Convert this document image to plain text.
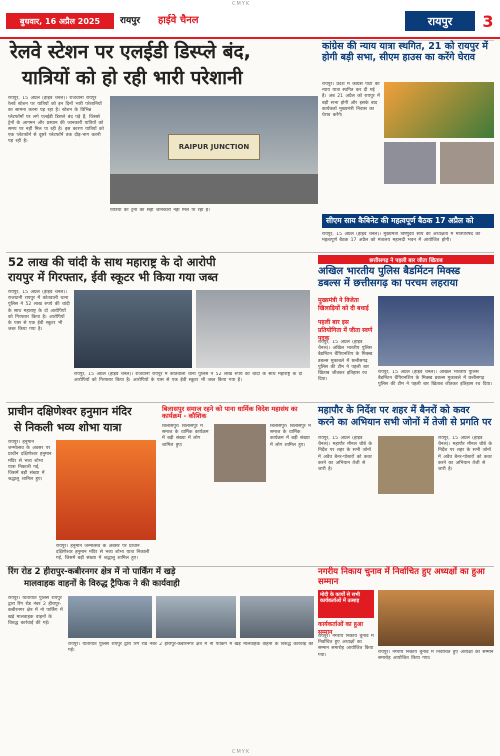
CMYK
बुधवार, 16 अप्रैल 2025	रायपुर हाईवे चैनल	रायपुर	3
रेलवे स्टेशन पर एलईडी डिस्प्ले बंद,
यात्रियों को हो रही भारी परेशानी
रायपुर, 15 अप्रैल (हाईवे चैनल)। राजधानी रायपुर रेलवे स्टेशन पर यात्रियों को इन दिनों भारी परेशानियों का सामना करना पड़ रहा है। स्टेशन के विभिन्न प्लेटफॉर्मों पर लगे एलईडी डिस्प्ले बंद पड़े हैं, जिससे ट्रेनों के आगमन और प्रस्थान की जानकारी यात्रियों को समय पर नहीं मिल पा रही है। इस कारण यात्रियों को एक प्लेटफॉर्म से दूसरे प्लेटफॉर्म तक दौड़-भाग करनी पड़ रही है।
RAIPUR JUNCTION
यात्रियों को ट्रेनों की सही जानकारी नहीं मिल पा रही है।
कांग्रेस की न्याय यात्रा स्थगित, 21 को रायपुर में होगी बड़ी सभा, सीएम हाउस का करेंगे घेराव
रायपुर। प्रदेश में कांग्रेस पार्टी की न्याय यात्रा स्थगित कर दी गई है। अब 21 अप्रैल को रायपुर में बड़ी सभा होगी और इसके बाद कार्यकर्ता मुख्यमंत्री निवास का घेराव करेंगे।
सीएम साय कैबिनेट की महत्वपूर्ण बैठक 17 अप्रैल को
रायपुर, 15 अप्रैल (हाईवे चैनल)। मुख्यमंत्री विष्णुदेव साय की अध्यक्षता में मंत्रिपरिषद की महत्वपूर्ण बैठक 17 अप्रैल को मंत्रालय महानदी भवन में आयोजित होगी।
52 लाख की चांदी के साथ महाराष्ट्र के दो आरोपी
रायपुर में गिरफ्तार, ईवी स्कूटर भी किया गया जब्त
रायपुर, 15 अप्रैल (हाईवे चैनल)। राजधानी रायपुर में कोतवाली थाना पुलिस ने 52 लाख रुपये की चांदी के साथ महाराष्ट्र के दो आरोपियों को गिरफ्तार किया है। आरोपियों के पास से एक ईवी स्कूटर भी जब्त किया गया है।
रायपुर, 15 अप्रैल (हाईवे चैनल)। राजधानी रायपुर में कोतवाली थाना पुलिस ने 52 लाख रुपये की चांदी के साथ महाराष्ट्र के दो आरोपियों को गिरफ्तार किया है। आरोपियों के पास से एक ईवी स्कूटर भी जब्त किया गया है।
छत्तीसगढ़ ने पहली बार जीता खिताब
अखिल भारतीय पुलिस बैडमिंटन मिक्स्ड
डबल्स में छत्तीसगढ़ का परचम लहराया
मुख्यमंत्री ने विजेता खिलाड़ियों को दी बधाई
पहली बार इस प्रतियोगिता में जीता स्वर्ण पदक
रायपुर, 15 अप्रैल (हाईवे चैनल)। अखिल भारतीय पुलिस बैडमिंटन चैंपियनशिप के मिक्स्ड डबल्स मुकाबले में छत्तीसगढ़ पुलिस की टीम ने पहली बार खिताब जीतकर इतिहास रच दिया।
रायपुर, 15 अप्रैल (हाईवे चैनल)। अखिल भारतीय पुलिस बैडमिंटन चैंपियनशिप के मिक्स्ड डबल्स मुकाबले में छत्तीसगढ़ पुलिस की टीम ने पहली बार खिताब जीतकर इतिहास रच दिया।
प्राचीन दक्षिणेश्वर हनुमान मंदिर
से निकली भव्य शोभा यात्रा
रायपुर। हनुमान जन्मोत्सव के अवसर पर प्राचीन दक्षिणेश्वर हनुमान मंदिर से भव्य शोभा यात्रा निकाली गई, जिसमें बड़ी संख्या में श्रद्धालु शामिल हुए।
रायपुर। हनुमान जन्मोत्सव के अवसर पर प्राचीन दक्षिणेश्वर हनुमान मंदिर से भव्य शोभा यात्रा निकाली गई, जिसमें बड़ी संख्या में श्रद्धालु शामिल हुए।
बिलासपुर समाज रहने को पाना धार्मिक विदेश महासंघ का कार्यक्रम - कौशिक
बिलासपुर। बिलासपुर में समाज के धार्मिक कार्यक्रम में बड़ी संख्या में लोग शामिल हुए।
बिलासपुर। बिलासपुर में समाज के धार्मिक कार्यक्रम में बड़ी संख्या में लोग शामिल हुए।
महापौर के निर्देश पर शहर में बैनरों को कवर
करने का अभियान सभी जोनों में तेजी से प्रगति पर
रायपुर, 15 अप्रैल (हाईवे चैनल)। महापौर मीनल चौबे के निर्देश पर शहर के सभी जोनों में अवैध बैनर-पोस्टरों को कवर करने का अभियान तेजी से जारी है।
रायपुर, 15 अप्रैल (हाईवे चैनल)। महापौर मीनल चौबे के निर्देश पर शहर के सभी जोनों में अवैध बैनर-पोस्टरों को कवर करने का अभियान तेजी से जारी है।
रिंग रोड 2 हीरापुर-कबीरनगर क्षेत्र में नो पार्किंग में खड़े
मालवाहक वाहनों के विरुद्ध ट्रैफिक ने की कार्यवाही
रायपुर। यातायात पुलिस रायपुर द्वारा रिंग रोड नंबर 2 हीरापुर-कबीरनगर क्षेत्र में नो पार्किंग में खड़े मालवाहक वाहनों के विरुद्ध कार्रवाई की गई।
रायपुर। यातायात पुलिस रायपुर द्वारा रिंग रोड नंबर 2 हीरापुर-कबीरनगर क्षेत्र में नो पार्किंग में खड़े मालवाहक वाहनों के विरुद्ध कार्रवाई की गई।
नगरीय निकाय चुनाव में निर्वाचित हुए अध्यक्षों का हुआ सम्मान
मोदी के कार्यों से सभी कार्यकर्ताओं में उत्साह
कार्यकर्ताओं का हुआ सम्मान
रायपुर। नगरीय निकाय चुनाव में निर्वाचित हुए अध्यक्षों का सम्मान समारोह आयोजित किया गया।
रायपुर। नगरीय निकाय चुनाव में निर्वाचित हुए अध्यक्षों का सम्मान समारोह आयोजित किया गया।
CMYK
